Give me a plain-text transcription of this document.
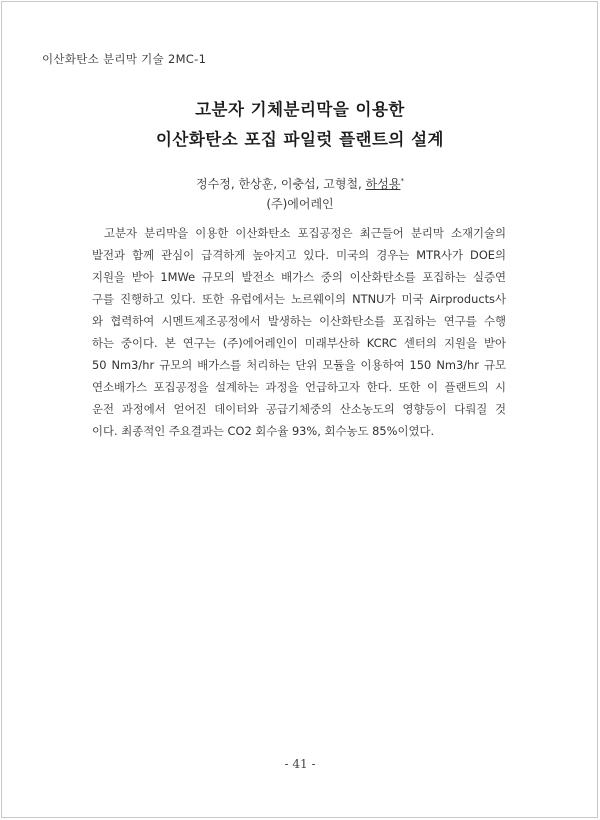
이산화탄소 분리막 기술 2MC-1
고분자 기체분리막을 이용한
이산화탄소 포집 파일럿 플랜트의 설계
정수정, 한상훈, 이충섭, 고형철, 하성용*
(주)에어레인
고분자 분리막을 이용한 이산화탄소 포집공정은 최근들어 분리막 소재기술의
발전과 함께 관심이 급격하게 높아지고 있다. 미국의 경우는 MTR사가 DOE의
지원을 받아 1MWe 규모의 발전소 배가스 중의 이산화탄소를 포집하는 실증연
구를 진행하고 있다. 또한 유럽에서는 노르웨이의 NTNU가 미국 Airproducts사
와 협력하여 시멘트제조공정에서 발생하는 이산화탄소를 포집하는 연구를 수행
하는 중이다. 본 연구는 (주)에어레인이 미래부산하 KCRC 센터의 지원을 받아
50 Nm3/hr 규모의 배가스를 처리하는 단위 모듈을 이용하여 150 Nm3/hr 규모
연소배가스 포집공정을 설계하는 과정을 언급하고자 한다. 또한 이 플랜트의 시
운전 과정에서 얻어진 데이터와 공급기체중의 산소농도의 영향등이 다뤄질 것
이다. 최종적인 주요결과는 CO2 회수율 93%, 회수농도 85%이였다.
- 41 -
